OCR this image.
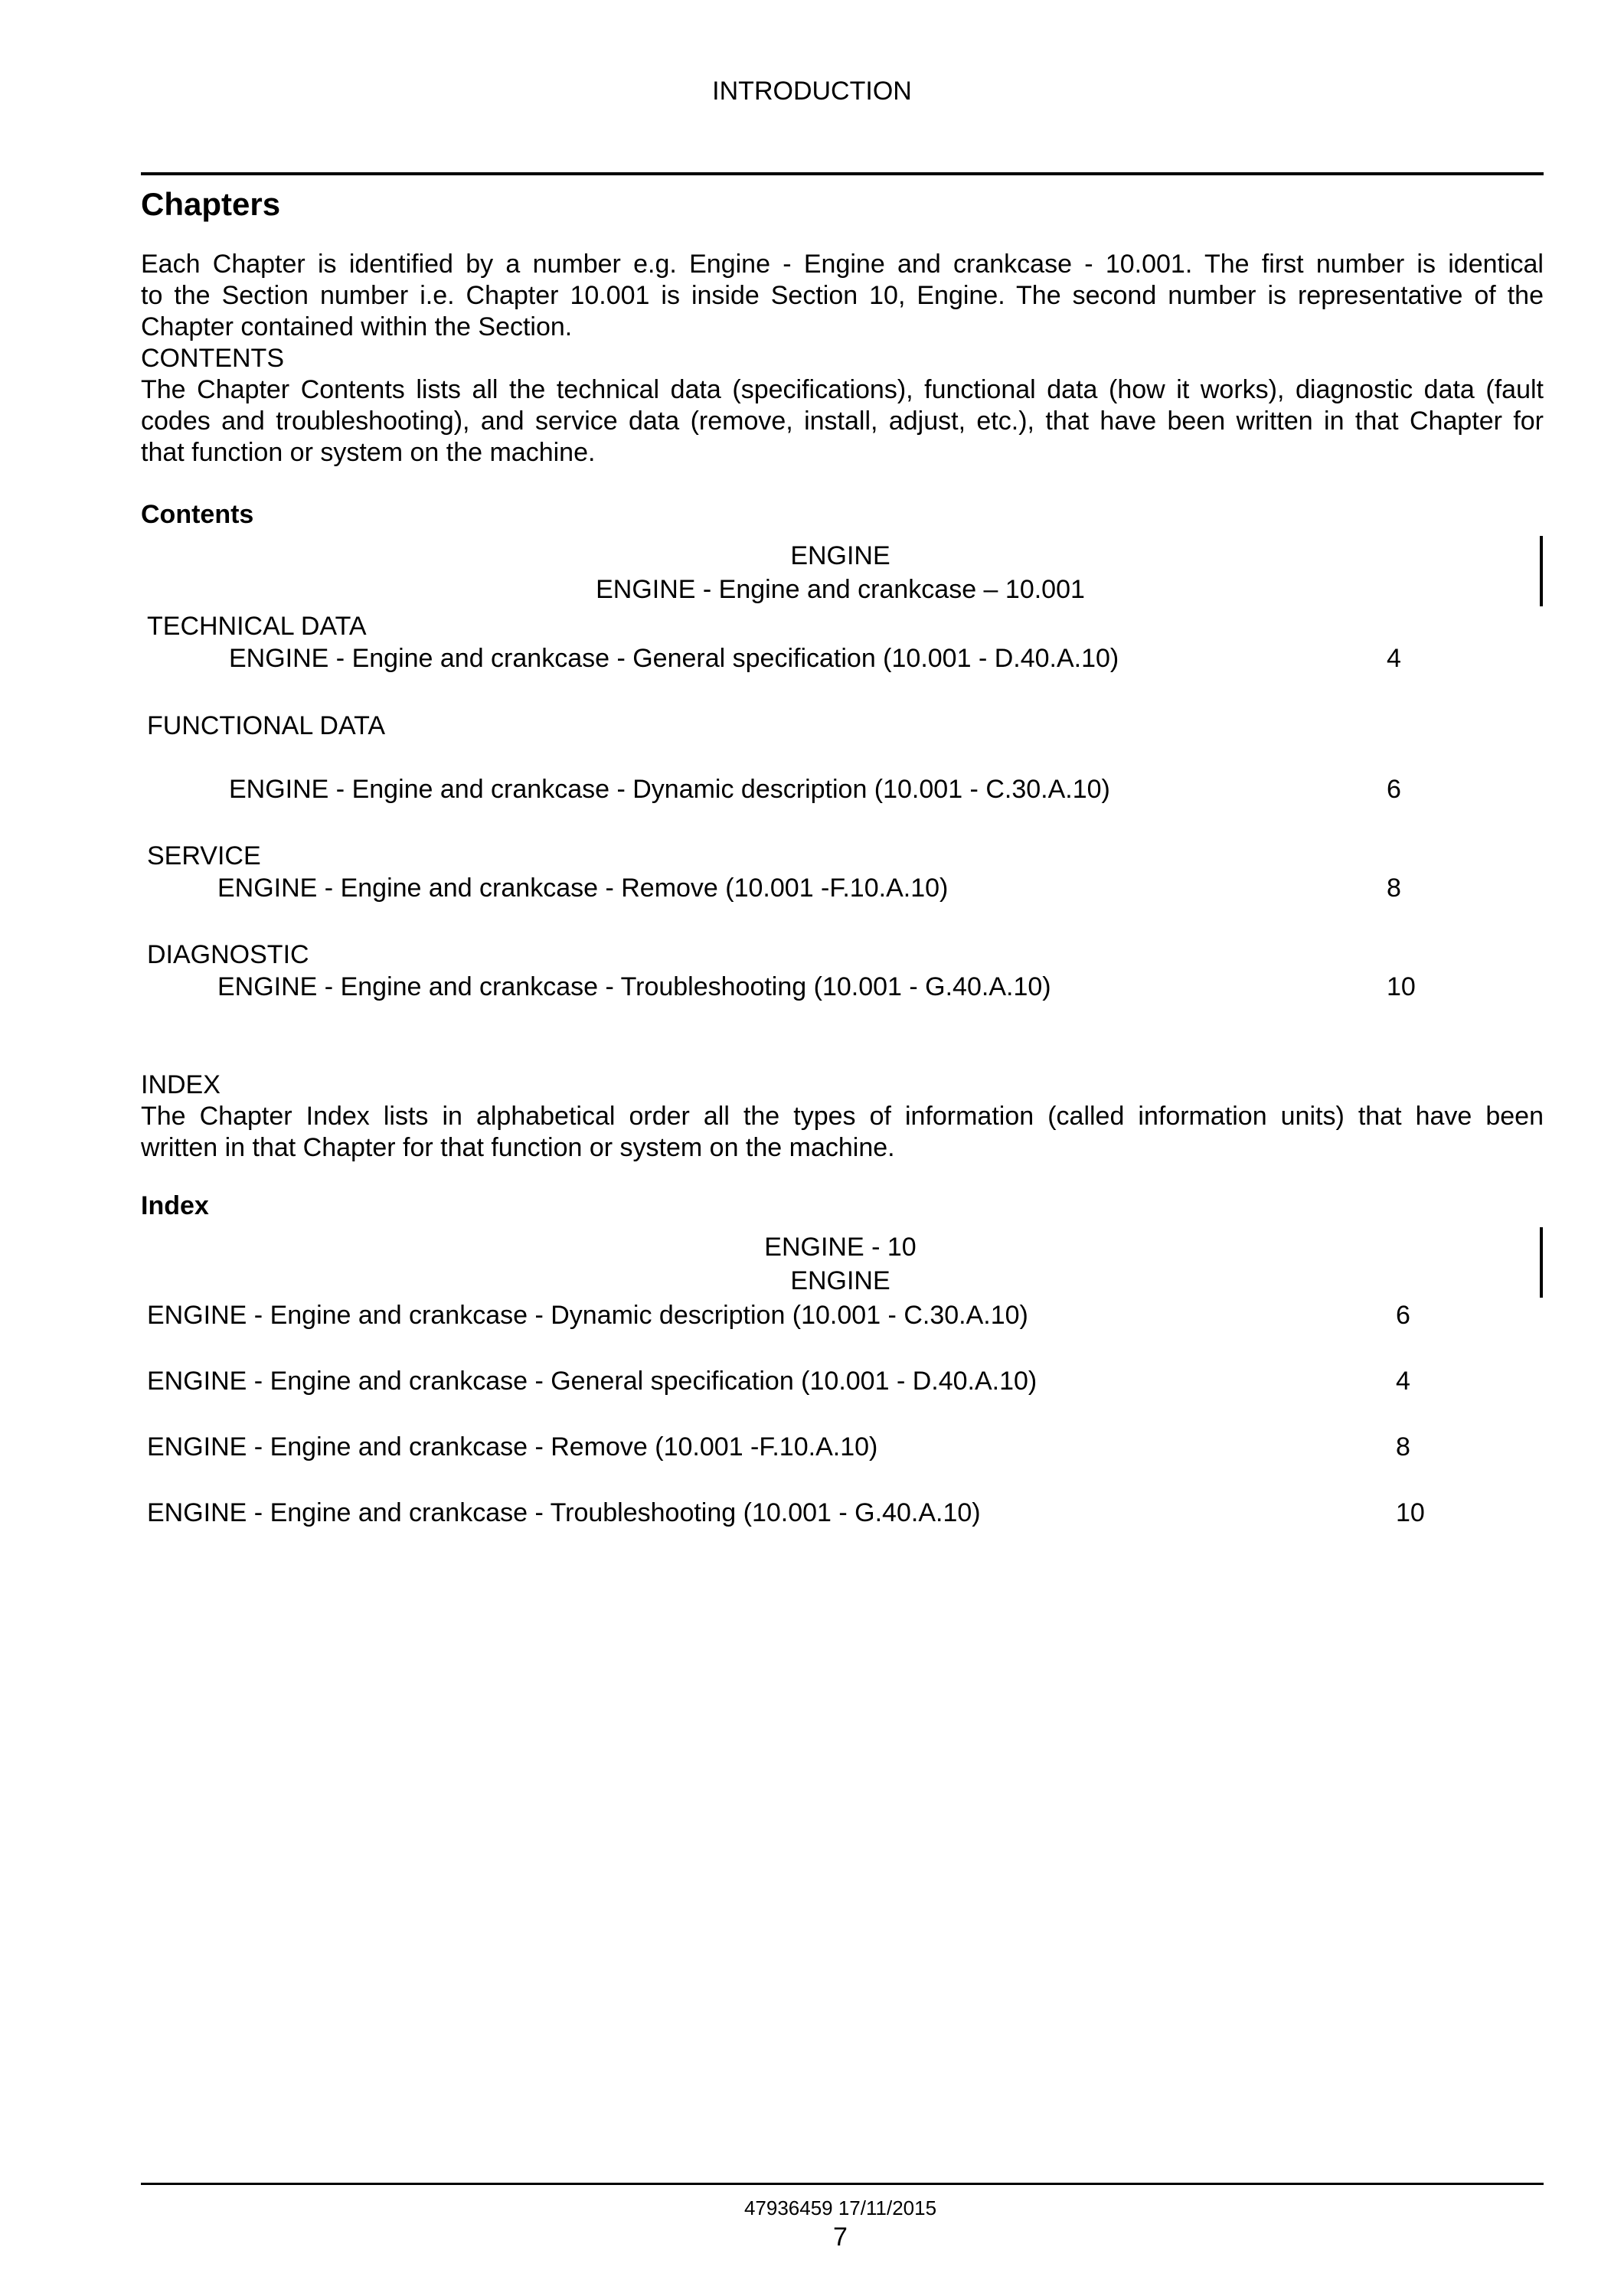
INTRODUCTION
Chapters
Each Chapter is identified by a number e.g. Engine - Engine and crankcase - 10.001. The first number is identical
to the Section number i.e. Chapter 10.001 is inside Section 10, Engine. The second number is representative of the
Chapter contained within the Section.
CONTENTS
The Chapter Contents lists all the technical data (specifications), functional data (how it works), diagnostic data (fault
codes and troubleshooting), and service data (remove, install, adjust, etc.), that have been written in that Chapter for
that function or system on the machine.
Contents
ENGINE
ENGINE - Engine and crankcase – 10.001
TECHNICAL DATA
ENGINE - Engine and crankcase - General specification (10.001 - D.40.A.10)	4
FUNCTIONAL DATA
ENGINE - Engine and crankcase - Dynamic description (10.001 - C.30.A.10)	6
SERVICE
ENGINE - Engine and crankcase - Remove (10.001 -F.10.A.10)	8
DIAGNOSTIC
ENGINE - Engine and crankcase - Troubleshooting (10.001 - G.40.A.10)	10
INDEX
The Chapter Index lists in alphabetical order all the types of information (called information units) that have been
written in that Chapter for that function or system on the machine.
Index
ENGINE - 10
ENGINE
ENGINE - Engine and crankcase - Dynamic description (10.001 - C.30.A.10)	6
ENGINE - Engine and crankcase - General specification (10.001 - D.40.A.10)	4
ENGINE - Engine and crankcase - Remove (10.001 -F.10.A.10)	8
ENGINE - Engine and crankcase - Troubleshooting (10.001 - G.40.A.10)	10
47936459 17/11/2015
7
